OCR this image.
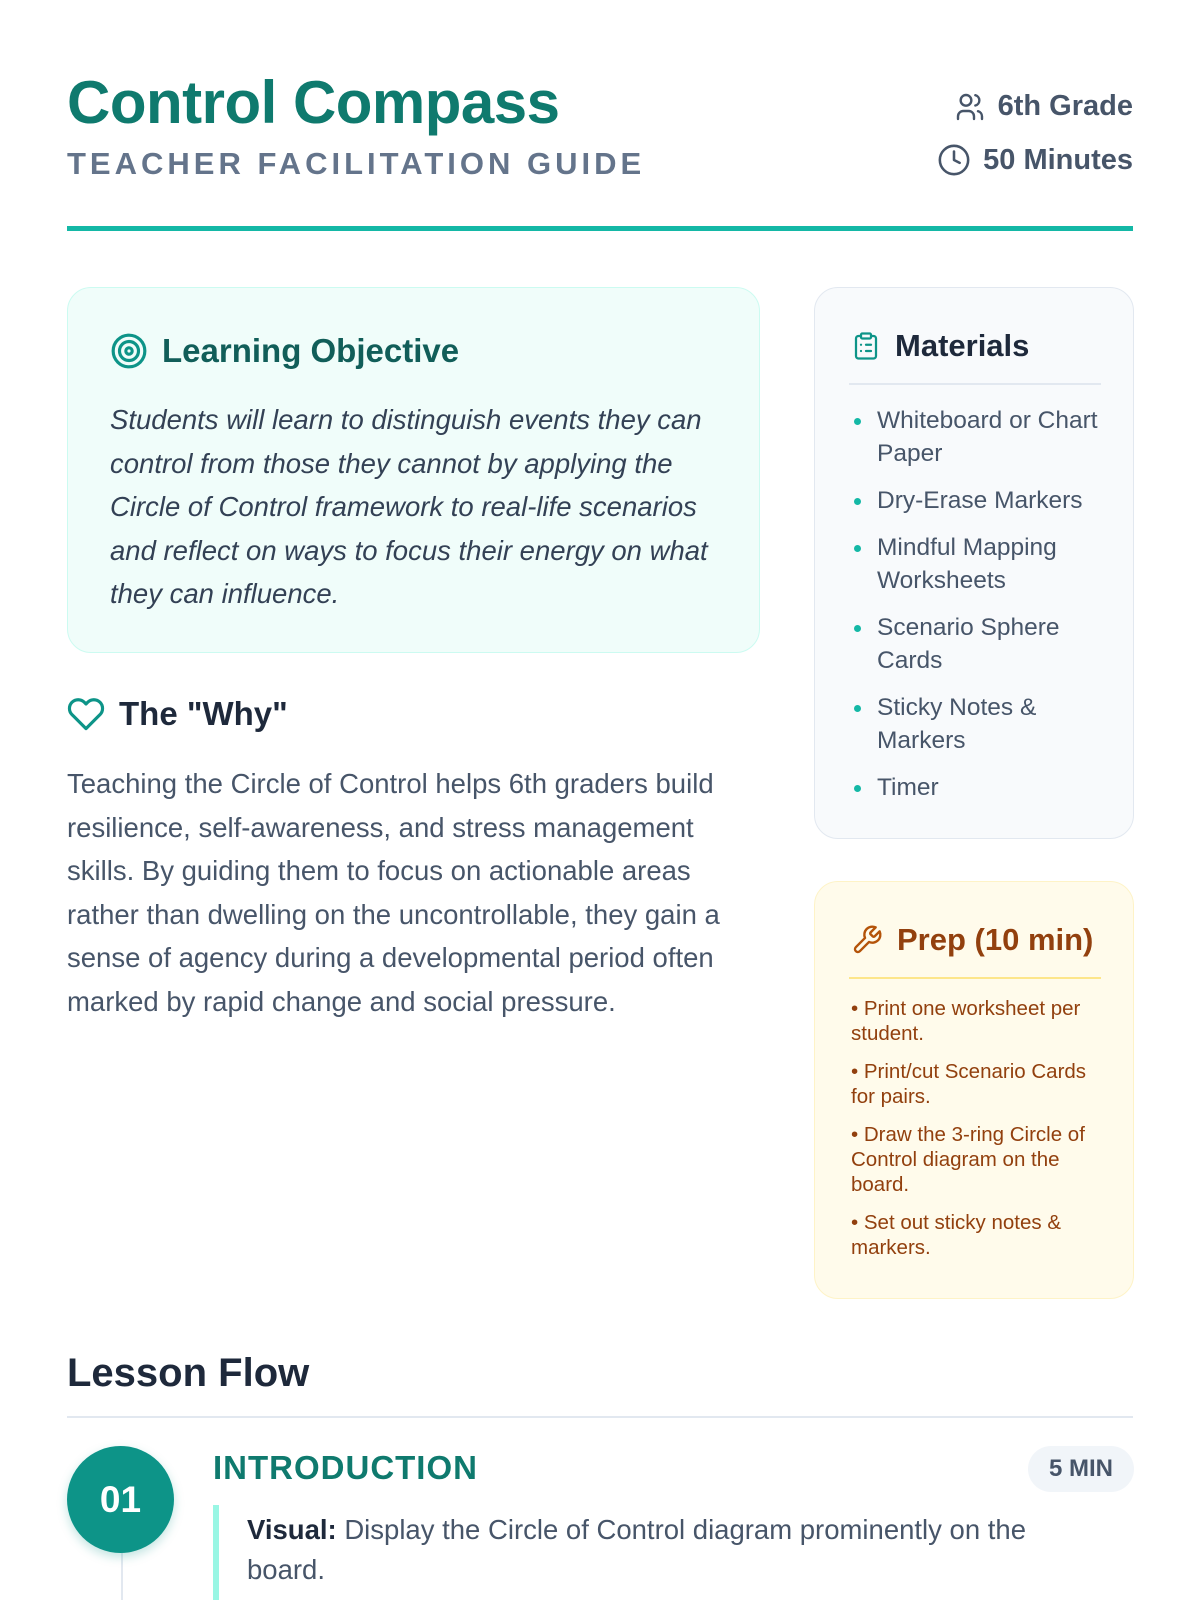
Control Compass
TEACHER FACILITATION GUIDE
6th Grade
50 Minutes
Learning Objective

Students will learn to distinguish events they can control from those they cannot by applying the Circle of Control framework to real-life scenarios and reflect on ways to focus their energy on what they can influence.

The "Why"

Teaching the Circle of Control helps 6th graders build resilience, self-awareness, and stress management skills. By guiding them to focus on actionable areas rather than dwelling on the uncontrollable, they gain a sense of agency during a developmental period often marked by rapid change and social pressure.

Materials
Whiteboard or Chart Paper
Dry-Erase Markers
Mindful Mapping Worksheets
Scenario Sphere Cards
Sticky Notes & Markers
Timer
Prep (10 min)
• Print one worksheet per student.
• Print/cut Scenario Cards for pairs.
• Draw the 3-ring Circle of Control diagram on the board.
• Set out sticky notes & markers.
Lesson Flow
01
INTRODUCTION	5 MIN

Visual: Display the Circle of Control diagram prominently on the board.
